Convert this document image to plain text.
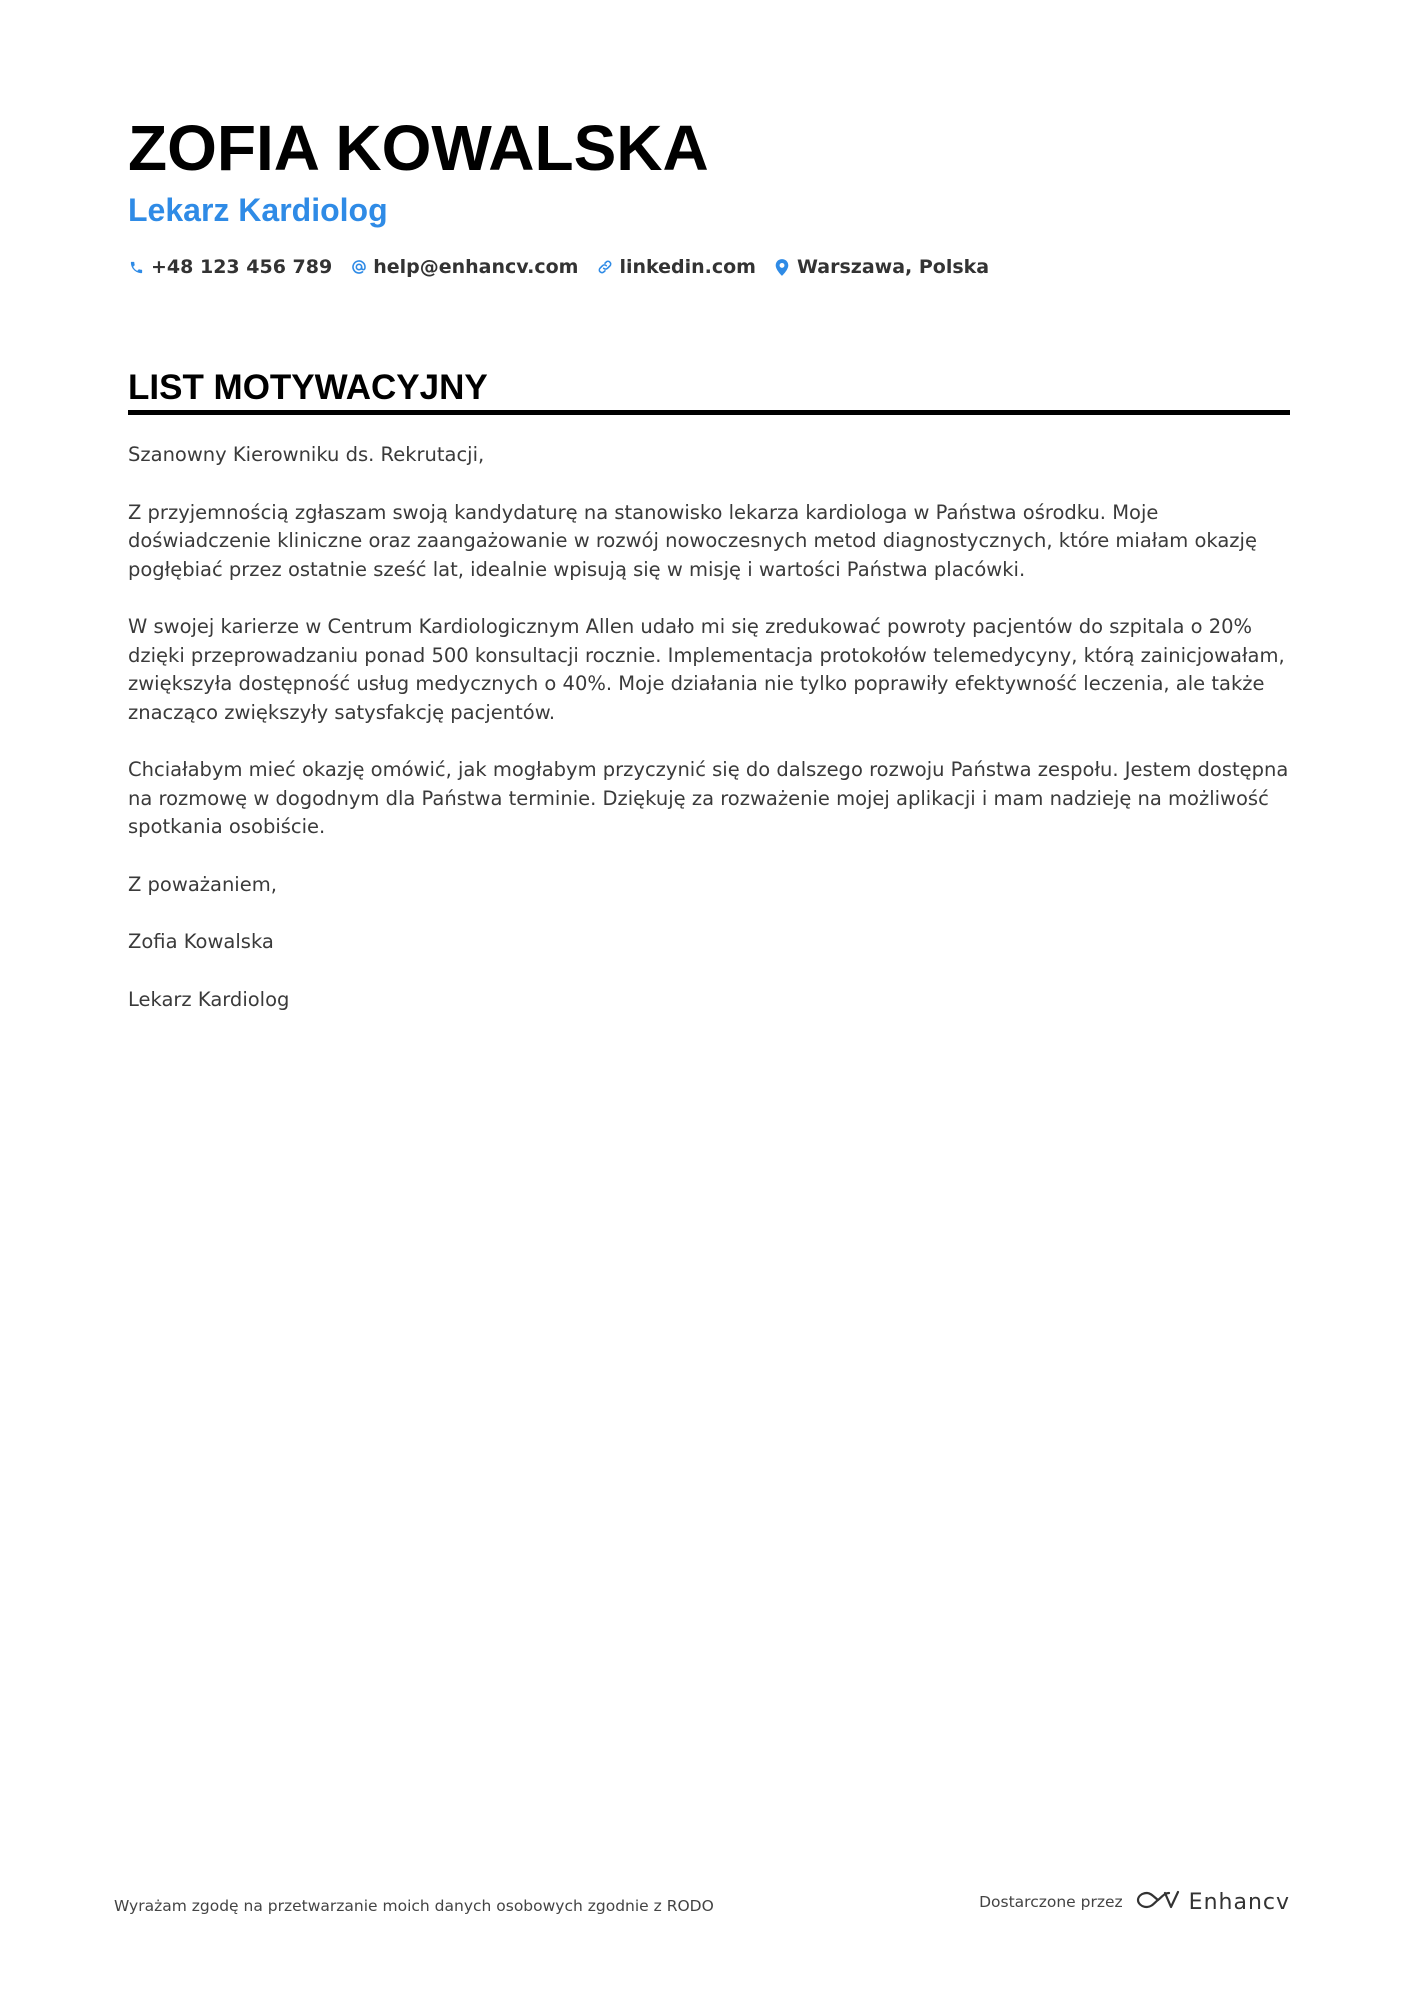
ZOFIA KOWALSKA
Lekarz Kardiolog
+48 123 456 789 help@enhancv.com linkedin.com Warszawa, Polska
LIST MOTYWACYJNY

Szanowny Kierowniku ds. Rekrutacji,

Z przyjemnością zgłaszam swoją kandydaturę na stanowisko lekarza kardiologa w Państwa ośrodku. Moje doświadczenie kliniczne oraz zaangażowanie w rozwój nowoczesnych metod diagnostycznych, które miałam okazję pogłębiać przez ostatnie sześć lat, idealnie wpisują się w misję i wartości Państwa placówki.

W swojej karierze w Centrum Kardiologicznym Allen udało mi się zredukować powroty pacjentów do szpitala o 20% dzięki przeprowadzaniu ponad 500 konsultacji rocznie. Implementacja protokołów telemedycyny, którą zainicjowałam, zwiększyła dostępność usług medycznych o 40%. Moje działania nie tylko poprawiły efektywność leczenia, ale także znacząco zwiększyły satysfakcję pacjentów.

Chciałabym mieć okazję omówić, jak mogłabym przyczynić się do dalszego rozwoju Państwa zespołu. Jestem dostępna na rozmowę w dogodnym dla Państwa terminie. Dziękuję za rozważenie mojej aplikacji i mam nadzieję na możliwość spotkania osobiście.

Z poważaniem,

Zofia Kowalska

Lekarz Kardiolog

Wyrażam zgodę na przetwarzanie moich danych osobowych zgodnie z RODO	Dostarczone przez	Enhancv
